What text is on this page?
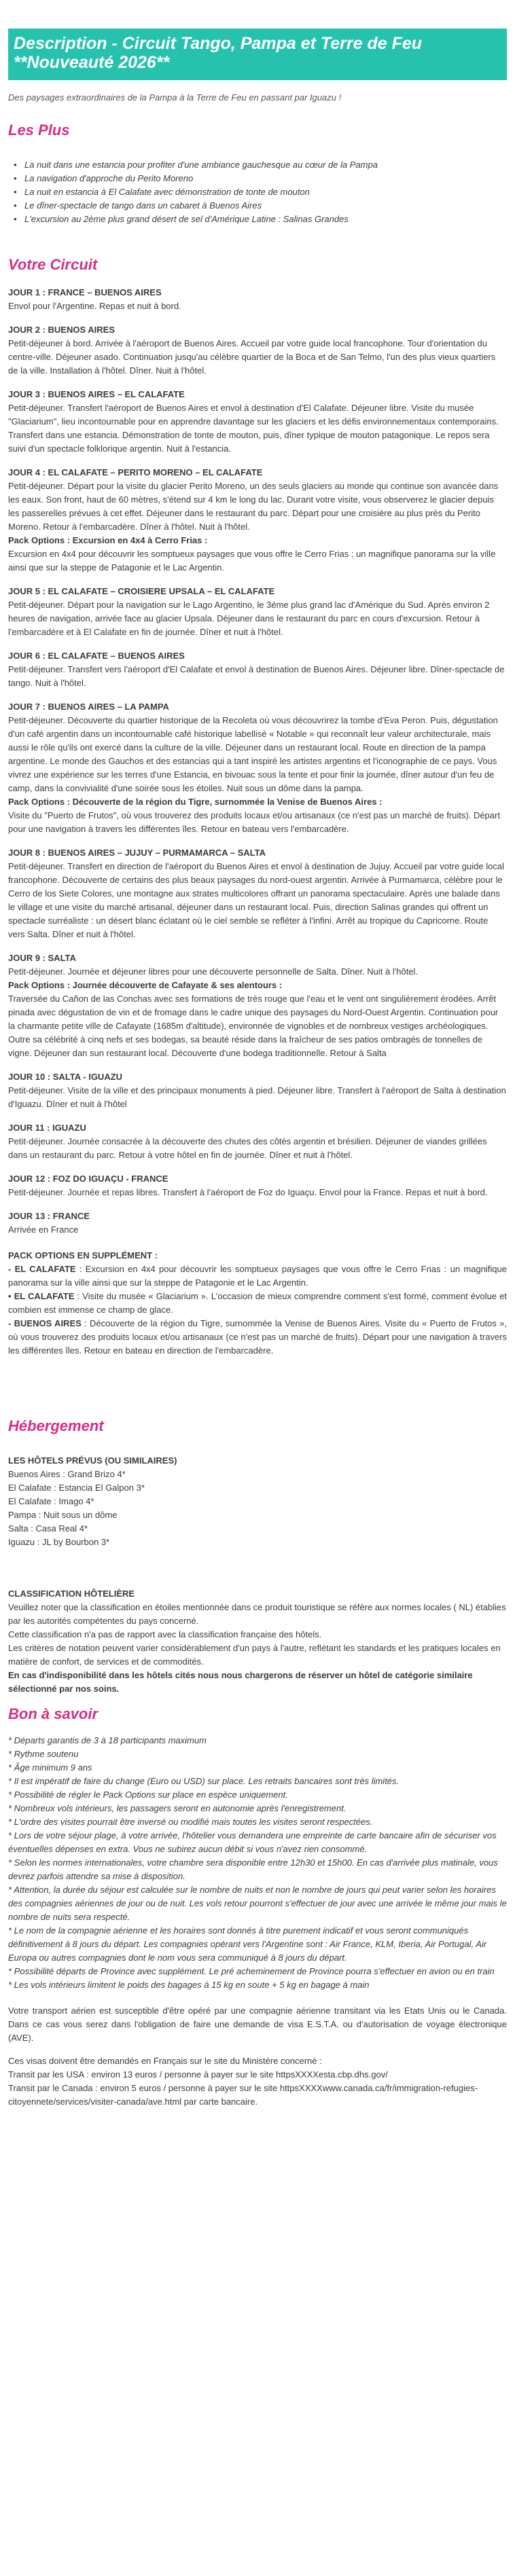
Description - Circuit Tango, Pampa et Terre de Feu **Nouveauté 2026**

Des paysages extraordinaires de la Pampa à la Terre de Feu en passant par Iguazu !

Les Plus
• La nuit dans une estancia pour profiter d'une ambiance gauchesque au cœur de la Pampa
• La navigation d'approche du Perito Moreno
• La nuit en estancia à El Calafate avec démonstration de tonte de mouton
• Le dîner-spectacle de tango dans un cabaret à Buenos Aires
• L'excursion au 2ème plus grand désert de sel d'Amérique Latine : Salinas Grandes
Votre Circuit
JOUR 1 : FRANCE – BUENOS AIRES
Envol pour l'Argentine. Repas et nuit à bord.
JOUR 2 : BUENOS AIRES
Petit-déjeuner à bord. Arrivée à l'aéroport de Buenos Aires. Accueil par votre guide local francophone. Tour d'orientation du centre-ville. Déjeuner asado. Continuation jusqu'au célèbre quartier de la Boca et de San Telmo, l'un des plus vieux quartiers de la ville. Installation à l'hôtel. Dîner. Nuit à l'hôtel.
JOUR 3 : BUENOS AIRES – EL CALAFATE
Petit-déjeuner. Transfert l'aéroport de Buenos Aires et envol à destination d'El Calafate. Déjeuner libre. Visite du musée "Glaciarium", lieu incontournable pour en apprendre davantage sur les glaciers et les défis environnementaux contemporains. Transfert dans une estancia. Démonstration de tonte de mouton, puis, dîner typique de mouton patagonique. Le repos sera suivi d'un spectacle folklorique argentin. Nuit à l'estancia.
JOUR 4 : EL CALAFATE – PERITO MORENO – EL CALAFATE
Petit-déjeuner. Départ pour la visite du glacier Perito Moreno, un des seuls glaciers au monde qui continue son avancée dans les eaux. Son front, haut de 60 mètres, s'étend sur 4 km le long du lac. Durant votre visite, vous observerez le glacier depuis les passerelles prévues à cet effet. Déjeuner dans le restaurant du parc. Départ pour une croisière au plus près du Perito Moreno. Retour à l'embarcadère. Dîner à l'hôtel. Nuit à l'hôtel.
Pack Options : Excursion en 4x4 à Cerro Frias :
Excursion en 4x4 pour découvrir les somptueux paysages que vous offre le Cerro Frias : un magnifique panorama sur la ville ainsi que sur la steppe de Patagonie et le Lac Argentin.
JOUR 5 : EL CALAFATE – CROISIERE UPSALA – EL CALAFATE
Petit-déjeuner. Départ pour la navigation sur le Lago Argentino, le 3ème plus grand lac d'Amérique du Sud. Après environ 2 heures de navigation, arrivée face au glacier Upsala. Déjeuner dans le restaurant du parc en cours d'excursion. Retour à l'embarcadère et à El Calafate en fin de journée. Dîner et nuit à l'hôtel.
JOUR 6 : EL CALAFATE – BUENOS AIRES
Petit-déjeuner. Transfert vers l'aéroport d'El Calafate et envol à destination de Buenos Aires. Déjeuner libre. Dîner-spectacle de tango. Nuit à l'hôtel.
JOUR 7 : BUENOS AIRES – LA PAMPA
Petit-déjeuner. Découverte du quartier historique de la Recoleta où vous découvrirez la tombe d'Eva Peron. Puis, dégustation d'un café argentin dans un incontournable café historique labellisé « Notable » qui reconnaît leur valeur architecturale, mais aussi le rôle qu'ils ont exercé dans la culture de la ville. Déjeuner dans un restaurant local. Route en direction de la pampa argentine. Le monde des Gauchos et des estancias qui a tant inspiré les artistes argentins et l'iconographie de ce pays. Vous vivrez une expérience sur les terres d'une Estancia, en bivouac sous la tente et pour finir la journée, dîner autour d'un feu de camp, dans la convivialité d'une soirée sous les étoiles. Nuit sous un dôme dans la pampa.
Pack Options : Découverte de la région du Tigre, surnommée la Venise de Buenos Aires :
Visite du "Puerto de Frutos", où vous trouverez des produits locaux et/ou artisanaux (ce n'est pas un marché de fruits). Départ pour une navigation à travers les différentes îles. Retour en bateau vers l'embarcadère.
JOUR 8 : BUENOS AIRES – JUJUY – PURMAMARCA – SALTA
Petit-déjeuner. Transfert en direction de l'aéroport du Buenos Aires et envol à destination de Jujuy. Accueil par votre guide local francophone. Découverte de certains des plus beaux paysages du nord-ouest argentin. Arrivée à Purmamarca, célèbre pour le Cerro de los Siete Colores, une montagne aux strates multicolores offrant un panorama spectaculaire. Après une balade dans le village et une visite du marché artisanal, déjeuner dans un restaurant local. Puis, direction Salinas grandes qui offrent un spectacle surréaliste : un désert blanc éclatant où le ciel semble se refléter à l'infini. Arrêt au tropique du Capricorne. Route vers Salta. Dîner et nuit à l'hôtel.
JOUR 9 : SALTA
Petit-déjeuner. Journée et déjeuner libres pour une découverte personnelle de Salta. Dîner. Nuit à l'hôtel.
Pack Options : Journée découverte de Cafayate & ses alentours :
Traversée du Cañon de las Conchas avec ses formations de très rouge que l'eau et le vent ont singulièrement érodées. Arrêt pinada avec dégustation de vin et de fromage dans le cadre unique des paysages du Nord-Ouest Argentin. Continuation pour la charmante petite ville de Cafayate (1685m d'altitude), environnée de vignobles et de nombreux vestiges archéologiques. Outre sa célébrité à cinq nefs et ses bodegas, sa beauté réside dans la fraîcheur de ses patios ombragés de tonnelles de vigne. Déjeuner dan sun restaurant local. Découverte d'une bodega traditionnelle. Retour à Salta
JOUR 10 : SALTA - IGUAZU
Petit-déjeuner. Visite de la ville et des principaux monuments à pied. Déjeuner libre. Transfert à l'aéroport de Salta à destination d'Iguazu. Dîner et nuit à l'hôtel
JOUR 11 : IGUAZU
Petit-déjeuner. Journée consacrée à la découverte des chutes des côtés argentin et brésilien. Déjeuner de viandes grillées dans un restaurant du parc. Retour à votre hôtel en fin de journée. Dîner et nuit à l'hôtel.
JOUR 12 : FOZ DO IGUAÇU - FRANCE
Petit-déjeuner. Journée et repas libres. Transfert à l'aéroport de Foz do Iguaçu. Envol pour la France. Repas et nuit à bord.
JOUR 13 : FRANCE
Arrivée en France
PACK OPTIONS EN SUPPLÉMENT :

- EL CALAFATE : Excursion en 4x4 pour découvrir les somptueux paysages que vous offre le Cerro Frias : un magnifique panorama sur la ville ainsi que sur la steppe de Patagonie et le Lac Argentin.

• EL CALAFATE : Visite du musée « Glaciarium ». L'occasion de mieux comprendre comment s'est formé, comment évolue et combien est immense ce champ de glace.

- BUENOS AIRES : Découverte de la région du Tigre, surnommée la Venise de Buenos Aires. Visite du « Puerto de Frutos », où vous trouverez des produits locaux et/ou artisanaux (ce n'est pas un marché de fruits). Départ pour une navigation à travers les différentes îles. Retour en bateau en direction de l'embarcadère.

Hébergement
LES HÔTELS PRÉVUS (OU SIMILAIRES)
Buenos Aires : Grand Brizo 4*
El Calafate : Estancia El Galpon 3*
El Calafate : Imago 4*
Pampa : Nuit sous un dôme
Salta : Casa Real 4*
Iguazu : JL by Bourbon 3*
CLASSIFICATION HÔTELIÈRE
Veuillez noter que la classification en étoiles mentionnée dans ce produit touristique se réfère aux normes locales ( NL) établies par les autorités compétentes du pays concerné.
Cette classification n'a pas de rapport avec la classification française des hôtels.
Les critères de notation peuvent varier considérablement d'un pays à l'autre, reflétant les standards et les pratiques locales en matière de confort, de services et de commodités.
En cas d'indisponibilité dans les hôtels cités nous nous chargerons de réserver un hôtel de catégorie similaire sélectionné par nos soins.
Bon à savoir

* Départs garantis de 3 à 18 participants maximum

* Rythme soutenu

* Âge minimum 9 ans

* Il est impératif de faire du change (Euro ou USD) sur place. Les retraits bancaires sont très limités.

* Possibilité de régler le Pack Options sur place en espèce uniquement.

* Nombreux vols intérieurs, les passagers seront en autonomie après l'enregistrement.

* L'ordre des visites pourrait être inversé ou modifié mais toutes les visites seront respectées.

* Lors de votre séjour plage, à votre arrivée, l'hôtelier vous demandera une empreinte de carte bancaire afin de sécuriser vos éventuelles dépenses en extra. Vous ne subirez aucun débit si vous n'avez rien consommé.

* Selon les normes internationales, votre chambre sera disponible entre 12h30 et 15h00. En cas d'arrivée plus matinale, vous devrez parfois attendre sa mise à disposition.

* Attention, la durée du séjour est calculée sur le nombre de nuits et non le nombre de jours qui peut varier selon les horaires des compagnies aériennes de jour ou de nuit. Les vols retour pourront s'effectuer de jour avec une arrivée le même jour mais le nombre de nuits sera respecté.

* Le nom de la compagnie aérienne et les horaires sont donnés à titre purement indicatif et vous seront communiqués définitivement à 8 jours du départ. Les compagnies opérant vers l'Argentine sont : Air France, KLM, Iberia, Air Portugal, Air Europa ou autres compagnies dont le nom vous sera communiqué à 8 jours du départ.

* Possibilité départs de Province avec supplément. Le pré acheminement de Province pourra s'effectuer en avion ou en train

* Les vols intérieurs limitent le poids des bagages à 15 kg en soute + 5 kg en bagage à main

Votre transport aérien est susceptible d'être opéré par une compagnie aérienne transitant via les Etats Unis ou le Canada. Dans ce cas vous serez dans l'obligation de faire une demande de visa E.S.T.A. ou d'autorisation de voyage électronique (AVE).
Ces visas doivent être demandés en Français sur le site du Ministère concerné :
Transit par les USA : environ 13 euros / personne à payer sur le site httpsXXXXesta.cbp.dhs.gov/
Transit par le Canada : environ 5 euros / personne à payer sur le site httpsXXXXwww.canada.ca/fr/immigration-refugies-citoyennete/services/visiter-canada/ave.html par carte bancaire.
